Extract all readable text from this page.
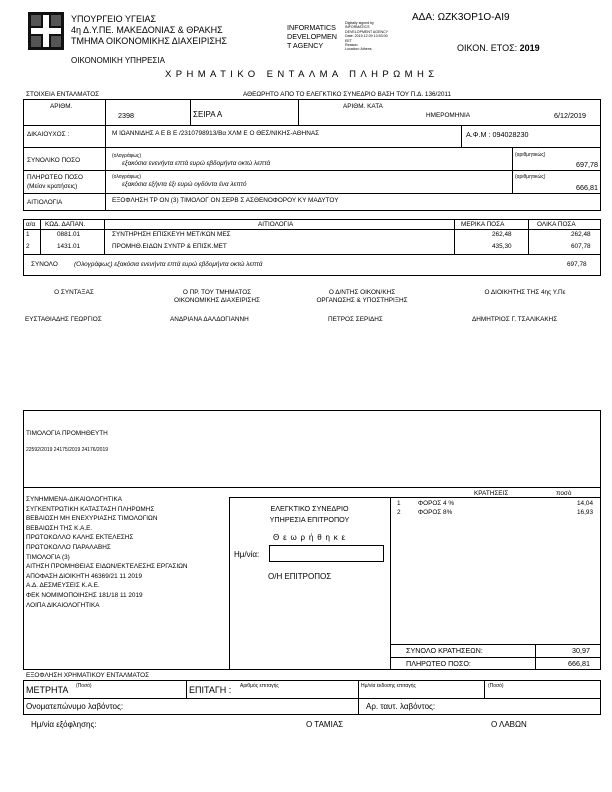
ΥΠΟΥΡΓΕΙΟ ΥΓΕΙΑΣ
4η Δ.Υ.ΠΕ. ΜΑΚΕΔΟΝΙΑΣ & ΘΡΑΚΗΣ
ΤΜΗΜΑ ΟΙΚΟΝΟΜΙΚΗΣ ΔΙΑΧΕΙΡΙΣΗΣ
ΟΙΚΟΝΟΜΙΚΗ ΥΠΗΡΕΣΙΑ
INFORMATICS
DEVELOPMEN
T AGENCY
Digitally signed by
INFORMATICS
DEVELOPMENT AGENCY
Date: 2019.12.09 13:53:00
EET
Reason:
Location: Athens
ΑΔΑ: ΩΖΚ3ΟΡ1Ο-ΑΙ9
ΟΙΚΟΝ. ΕΤΟΣ: 2019
ΧΡΗΜΑΤΙΚΟ ΕΝΤΑΛΜΑ ΠΛΗΡΩΜΗΣ
ΣΤΟΙΧΕΙΑ ΕΝΤΑΛΜΑΤΟΣ	ΑΘΕΩΡΗΤΟ ΑΠΟ ΤΟ ΕΛΕΓΚΤΙΚΟ ΣΥΝΕΔΡΙΟ ΒΑΣΗ ΤΟΥ Π.Δ. 136/2011
ΑΡΙΘΜ.
2398	ΣΕΙΡΑ Α
ΑΡΙΘΜ. ΚΑΤΑ
ΗΜΕΡΟΜΗΝΙΑ	6/12/2019
ΔΙΚΑΙΟΥΧΟΣ :	Μ ΙΩΑΝΝΙΔΗΣ Α Ε Β Ε /2310798913/Βα ΧΛΜ Ε Ο ΘΕΣ/ΝΙΚΗΣ-ΑΘΗΝΑΣ	Α.Φ.Μ : 094028230
ΣΥΝΟΛΙΚΟ ΠΟΣΟ
(ολογράφως)
εξακόσια ενενήντα επτά ευρώ εβδομήντα οκτώ λεπτά
(αριθμητικώς)
697,78
ΠΛΗΡΩΤΕΟ ΠΟΣΟ
(Μείον κρατήσεις)
(ολογράφως)
εξακόσια εξήντα έξι ευρώ ογδόντα ένα λεπτό
(αριθμητικώς)
666,81
ΑΙΤΙΟΛΟΓΙΑ	ΕΞΟΦΛΗΣΗ ΤΡ ΟΝ (3) ΤΙΜΟΛΟΓ ΟΝ ΣΕΡΒ Σ ΑΣΘΕΝΟΦΟΡΟΥ ΚΥ ΜΑΔΥΤΟΥ
α/α ΚΩΔ. ΔΑΠΑΝ.	ΑΙΤΙΟΛΟΓΙΑ	ΜΕΡΙΚΑ ΠΟΣΑ	ΟΛΙΚΑ ΠΟΣΑ
1	0881.01	ΣΥΝΤΗΡΗΣΗ ΕΠΙΣΚΕΥΗ ΜΕΤ/ΚΩΝ ΜΕΣ	262,48	262,48
2	1431.01	ΠΡΟΜΗΘ.ΕΙΔΩΝ ΣΥΝΤΡ & ΕΠΙΣΚ.ΜΕΤ	435,30	607,78
ΣΥΝΟΛΟ	(Ολογράφως) εξακόσια ενενήντα επτά ευρώ εβδομήντα οκτώ λεπτά	697,78
Ο ΣΥΝΤΑΞΑΣ	Ο ΠΡ. ΤΟΥ ΤΜΗΜΑΤΟΣ
ΟΙΚΟΝΟΜΙΚΗΣ ΔΙΑΧΕΙΡΙΣΗΣ
Ο Δ/ΝΤΗΣ ΟΙΚΟΝ/ΚΗΣ
ΟΡΓΑΝΩΣΗΣ & ΥΠΟΣΤΗΡΙΞΗΣ
Ο ΔΙΟΙΚΗΤΗΣ ΤΗΣ 4ης Υ.Πε
ΕΥΣΤΑΘΙΑΔΗΣ ΓΕΩΡΓΙΟΣ	ΑΝΔΡΙΑΝΑ ΔΑΛΔΟΓΙΑΝΝΗ	ΠΕΤΡΟΣ ΣΕΡΙΔΗΣ	ΔΗΜΗΤΡΙΟΣ Γ. ΤΣΑΛΙΚΑΚΗΣ
ΤΙΜΟΛΟΓΙΑ ΠΡΟΜΗΘΕΥΤΗ
22592/2019 24175/2019 24176/2019
ΣΥΝΗΜΜΕΝΑ-ΔΙΚΑΙΟΛΟΓΗΤΙΚΑ
ΣΥΓΚΕΝΤΡΩΤΙΚΗ ΚΑΤΑΣΤΑΣΗ ΠΛΗΡΩΜΗΣ
ΒΕΒΑΙΩΣΗ ΜΗ ΕΝΕΧΥΡΙΑΣΗΣ ΤΙΜΟΛΟΓΙΩΝ
ΒΕΒΑΙΩΣΗ ΤΗΣ Κ.Α.Ε.
ΠΡΩΤΟΚΟΛΛΟ ΚΑΛΗΣ ΕΚΤΕΛΕΣΗΣ
ΠΡΩΤΟΚΟΛΛΟ ΠΑΡΑΛΑΒΗΣ
ΤΙΜΟΛΟΓΙΑ (3)
ΑΙΤΗΣΗ ΠΡΟΜΗΘΕΙΑΣ ΕΙΔΩΝ/ΕΚΤΕΛΕΣΗΣ ΕΡΓΑΣΙΩΝ
ΑΠΟΦΑΣΗ ΔΙΟΙΚΗΤΗ 46369/21 11 2019
Α.Δ. ΔΕΣΜΕΥΣΕΙΣ Κ.Α.Ε.
ΦΕΚ ΝΟΜΙΜΟΠΟΙΗΣΗΣ 181/18 11 2019
ΛΟΙΠΑ ΔΙΚΑΙΟΛΟΓΗΤΙΚΑ
ΕΛΕΓΚΤΙΚΟ ΣΥΝΕΔΡΙΟ
ΥΠΗΡΕΣΙΑ ΕΠΙΤΡΟΠΟΥ
Θ ε ω ρ ή θ η κ ε
Ημ/νία:
Ο/Η ΕΠΙΤΡΟΠΟΣ
ΚΡΑΤΗΣΕΙΣ	ποσό
1	ΦΟΡΟΣ 4 %	14,04
2	ΦΟΡΟΣ 8%	16,93
ΣΥΝΟΛΟ ΚΡΑΤΗΣΕΩΝ:	30,97
ΠΛΗΡΩΤΕΟ ΠΟΣΟ:	666,81
ΕΞΟΦΛΗΣΗ ΧΡΗΜΑΤΙΚΟΥ ΕΝΤΑΛΜΑΤΟΣ
ΜΕΤΡΗΤΑ (Ποσό)	ΕΠΙΤΑΓΗ : Αριθμός επιταγής	Ημ/νία έκδοσης επιταγής	(Ποσό)
Ονοματεπώνυμο λαβόντος:	Αρ. ταυτ. λαβόντος:
Ημ/νία εξόφλησης:	Ο ΤΑΜΙΑΣ	Ο ΛΑΒΩΝ
